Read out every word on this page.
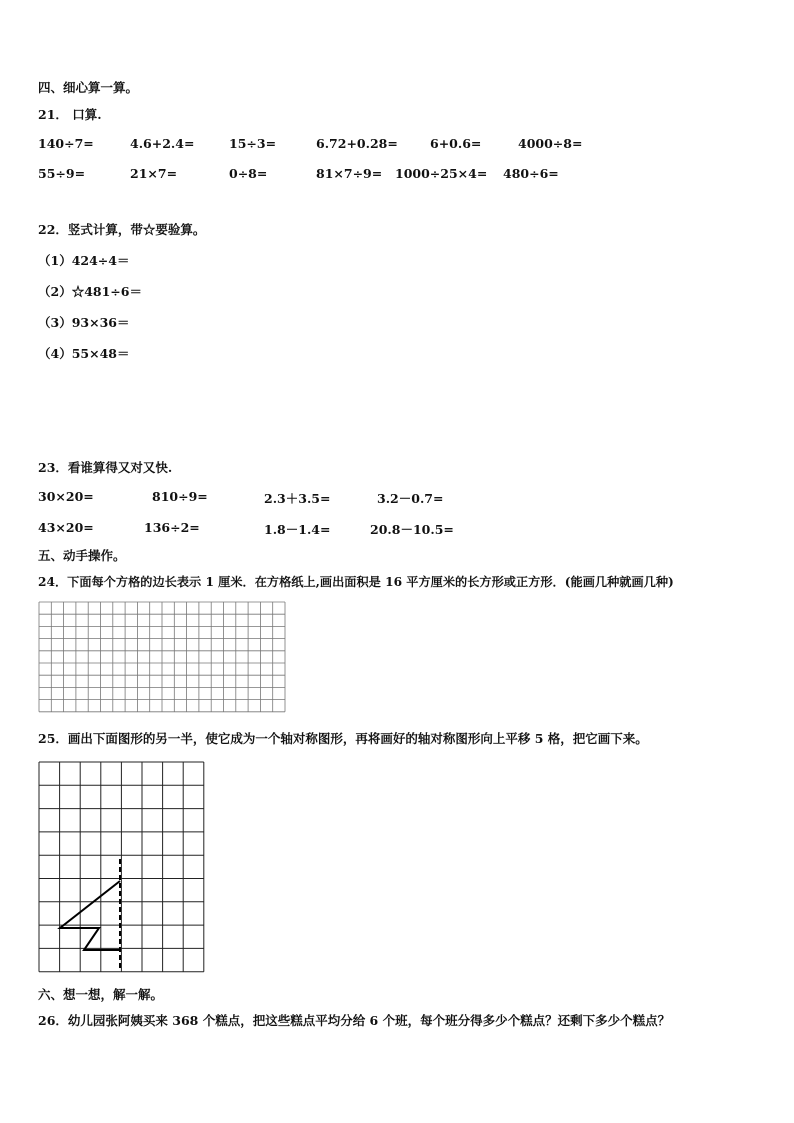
四、细心算一算。
21． 口算.
140÷7=	4.6+2.4=	15÷3=	6.72+0.28=	6+0.6=	4000÷8=
55÷9=	21×7=	0÷8=	81×7÷9= 1000÷25×4= 480÷6=
22．竖式计算，带☆要验算。
（1）424÷4＝
（2）☆481÷6＝
（3）93×36＝
（4）55×48＝
23．看谁算得又对又快.
30×20=	810÷9=	2.3＋3.5=	3.2－0.7=
43×20=	136÷2=	1.8－1.4=	20.8－10.5=
五、动手操作。
24．下面每个方格的边长表示 1 厘米．在方格纸上,画出面积是 16 平方厘米的长方形或正方形．(能画几种就画几种)
25．画出下面图形的另一半，使它成为一个轴对称图形，再将画好的轴对称图形向上平移 5 格，把它画下来。
六、想一想，解一解。
26．幼儿园张阿姨买来 368 个糕点，把这些糕点平均分给 6 个班，每个班分得多少个糕点？还剩下多少个糕点？
